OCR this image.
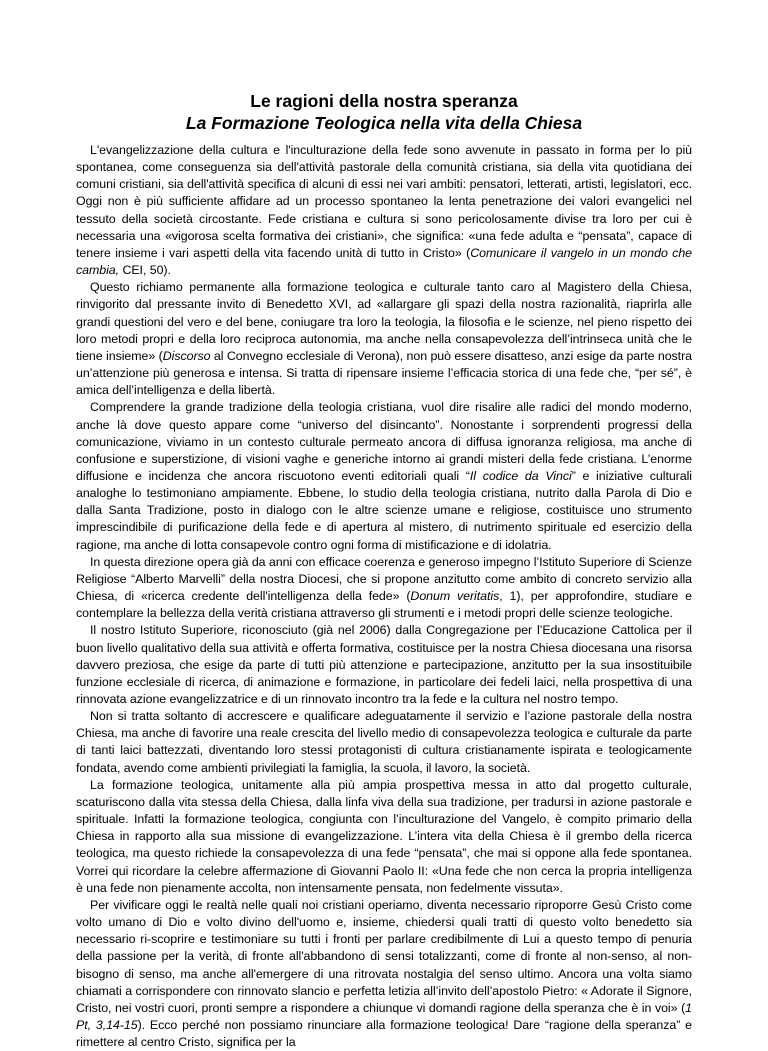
Le ragioni della nostra speranza
La Formazione Teologica nella vita della Chiesa

L'evangelizzazione della cultura e l'inculturazione della fede sono avvenute in passato in forma per lo più spontanea, come conseguenza sia dell'attività pastorale della comunità cristiana, sia della vita quotidiana dei comuni cristiani, sia dell'attività specifica di alcuni di essi nei vari ambiti: pensatori, letterati, artisti, legislatori, ecc. Oggi non è più sufficiente affidare ad un processo spontaneo la lenta penetrazione dei valori evangelici nel tessuto della società circostante. Fede cristiana e cultura si sono pericolosamente divise tra loro per cui è necessaria una «vigorosa scelta formativa dei cristiani», che significa: «una fede adulta e “pensata”, capace di tenere insieme i vari aspetti della vita facendo unità di tutto in Cristo» (Comunicare il vangelo in un mondo che cambia, CEI, 50).

Questo richiamo permanente alla formazione teologica e culturale tanto caro al Magistero della Chiesa, rinvigorito dal pressante invito di Benedetto XVI, ad «allargare gli spazi della nostra razionalità, riaprirla alle grandi questioni del vero e del bene, coniugare tra loro la teologia, la filosofia e le scienze, nel pieno rispetto dei loro metodi propri e della loro reciproca autonomia, ma anche nella consapevolezza dell’intrinseca unità che le tiene insieme» (Discorso al Convegno ecclesiale di Verona), non può essere disatteso, anzi esige da parte nostra un’attenzione più generosa e intensa. Si tratta di ripensare insieme l’efficacia storica di una fede che, “per sé”, è amica dell’intelligenza e della libertà.

Comprendere la grande tradizione della teologia cristiana, vuol dire risalire alle radici del mondo moderno, anche là dove questo appare come “universo del disincanto”. Nonostante i sorprendenti progressi della comunicazione, viviamo in un contesto culturale permeato ancora di diffusa ignoranza religiosa, ma anche di confusione e superstizione, di visioni vaghe e generiche intorno ai grandi misteri della fede cristiana. L’enorme diffusione e incidenza che ancora riscuotono eventi editoriali quali “Il codice da Vinci” e iniziative culturali analoghe lo testimoniano ampiamente. Ebbene, lo studio della teologia cristiana, nutrito dalla Parola di Dio e dalla Santa Tradizione, posto in dialogo con le altre scienze umane e religiose, costituisce uno strumento imprescindibile di purificazione della fede e di apertura al mistero, di nutrimento spirituale ed esercizio della ragione, ma anche di lotta consapevole contro ogni forma di mistificazione e di idolatria.

In questa direzione opera già da anni con efficace coerenza e generoso impegno l’Istituto Superiore di Scienze Religiose “Alberto Marvelli” della nostra Diocesi, che si propone anzitutto come ambito di concreto servizio alla Chiesa, di «ricerca credente dell'intelligenza della fede» (Donum veritatis, 1), per approfondire, studiare e contemplare la bellezza della verità cristiana attraverso gli strumenti e i metodi propri delle scienze teologiche.

Il nostro Istituto Superiore, riconosciuto (già nel 2006) dalla Congregazione per l’Educazione Cattolica per il buon livello qualitativo della sua attività e offerta formativa, costituisce per la nostra Chiesa diocesana una risorsa davvero preziosa, che esige da parte di tutti più attenzione e partecipazione, anzitutto per la sua insostituibile funzione ecclesiale di ricerca, di animazione e formazione, in particolare dei fedeli laici, nella prospettiva di una rinnovata azione evangelizzatrice e di un rinnovato incontro tra la fede e la cultura nel nostro tempo.

Non si tratta soltanto di accrescere e qualificare adeguatamente il servizio e l’azione pastorale della nostra Chiesa, ma anche di favorire una reale crescita del livello medio di consapevolezza teologica e culturale da parte di tanti laici battezzati, diventando loro stessi protagonisti di cultura cristianamente ispirata e teologicamente fondata, avendo come ambienti privilegiati la famiglia, la scuola, il lavoro, la società.

La formazione teologica, unitamente alla più ampia prospettiva messa in atto dal progetto culturale, scaturiscono dalla vita stessa della Chiesa, dalla linfa viva della sua tradizione, per tradursi in azione pastorale e spirituale. Infatti la formazione teologica, congiunta con l’inculturazione del Vangelo, è compito primario della Chiesa in rapporto alla sua missione di evangelizzazione. L’intera vita della Chiesa è il grembo della ricerca teologica, ma questo richiede la consapevolezza di una fede “pensata”, che mai si oppone alla fede spontanea. Vorrei qui ricordare la celebre affermazione di Giovanni Paolo II: «Una fede che non cerca la propria intelligenza è una fede non pienamente accolta, non intensamente pensata, non fedelmente vissuta».

Per vivificare oggi le realtà nelle quali noi cristiani operiamo, diventa necessario riproporre Gesù Cristo come volto umano di Dio e volto divino dell'uomo e, insieme, chiedersi quali tratti di questo volto benedetto sia necessario ri-scoprire e testimoniare su tutti i fronti per parlare credibilmente di Lui a questo tempo di penuria della passione per la verità, di fronte all'abbandono di sensi totalizzanti, come di fronte al non-senso, al non-bisogno di senso, ma anche all'emergere di una ritrovata nostalgia del senso ultimo. Ancora una volta siamo chiamati a corrispondere con rinnovato slancio e perfetta letizia all’invito dell’apostolo Pietro: « Adorate il Signore, Cristo, nei vostri cuori, pronti sempre a rispondere a chiunque vi domandi ragione della speranza che è in voi» (1 Pt, 3,14-15). Ecco perché non possiamo rinunciare alla formazione teologica! Dare “ragione della speranza” e rimettere al centro Cristo, significa per la
